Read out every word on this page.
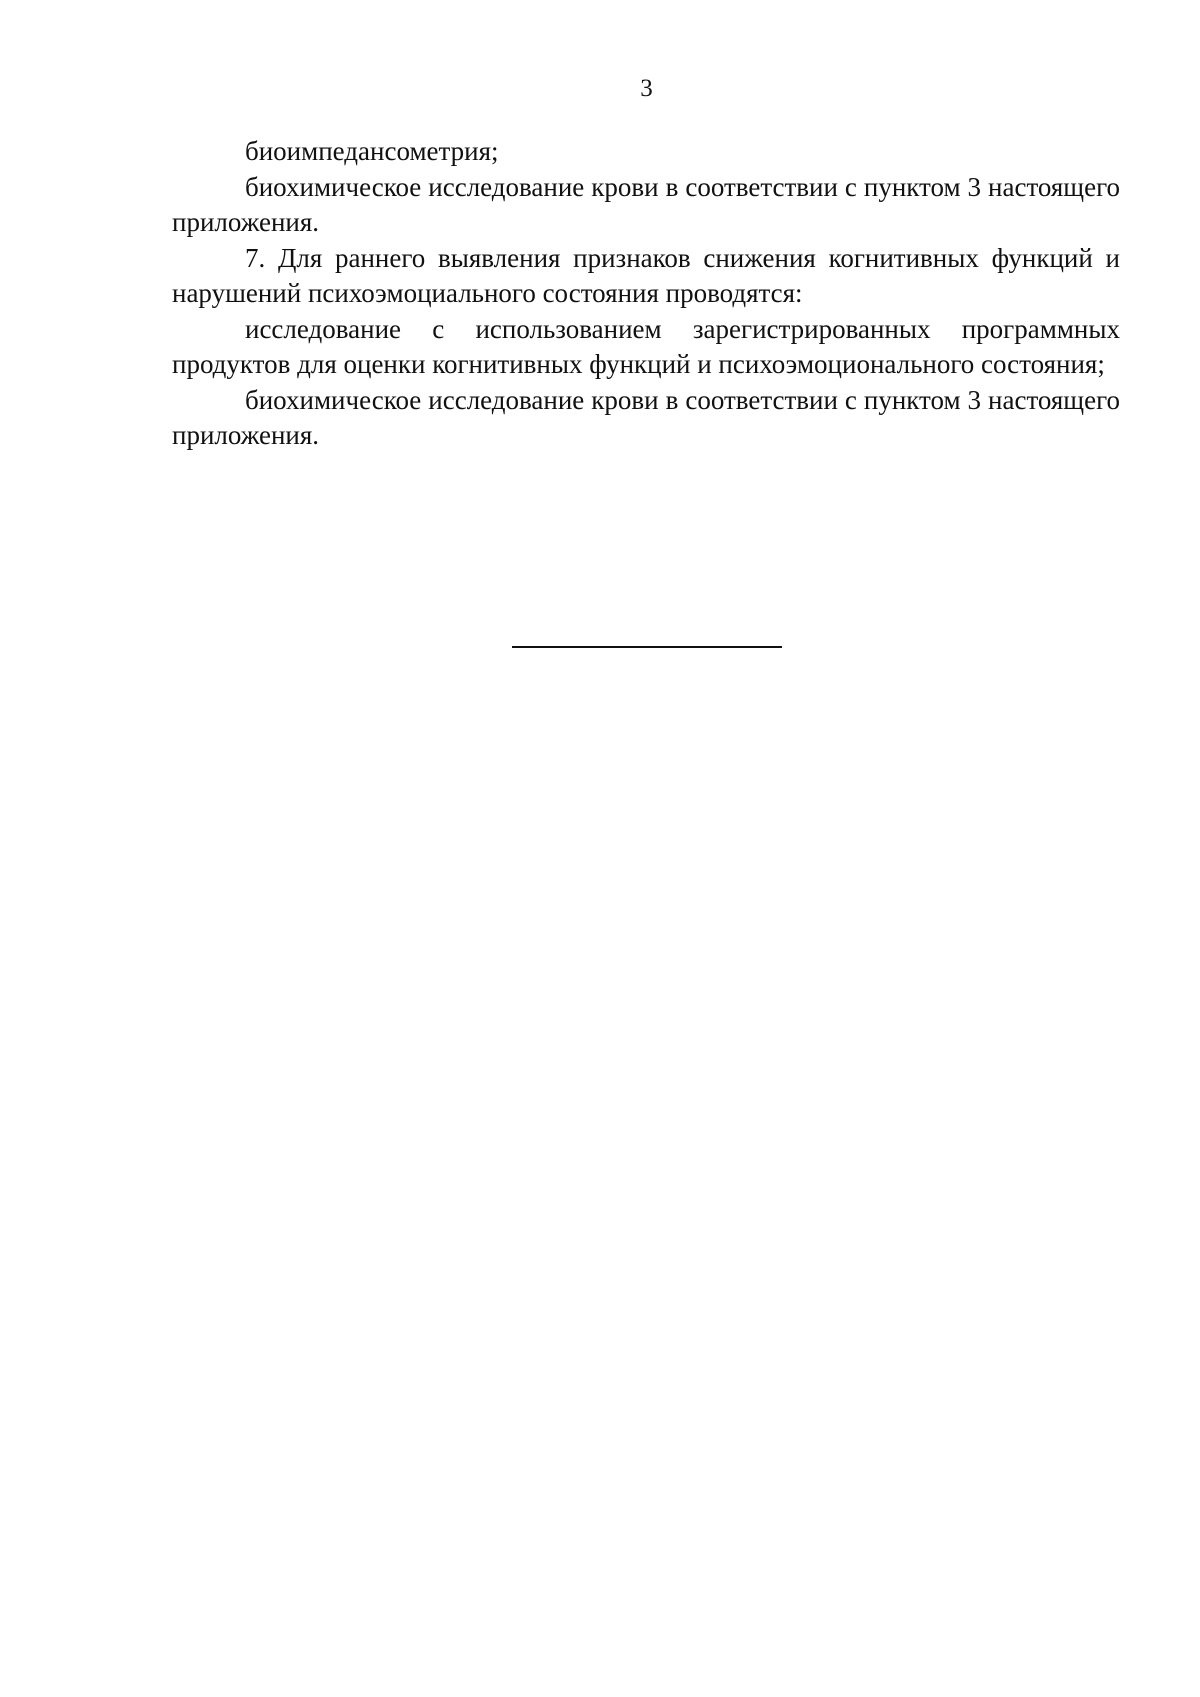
3

биоимпедансометрия;

биохимическое исследование крови в соответствии с пунктом 3 настоящего приложения.

7. Для раннего выявления признаков снижения когнитивных функций и нарушений психоэмоциального состояния проводятся:

исследование с использованием зарегистрированных программных продуктов для оценки когнитивных функций и психоэмоционального состояния;

биохимическое исследование крови в соответствии с пунктом 3 настоящего приложения.
